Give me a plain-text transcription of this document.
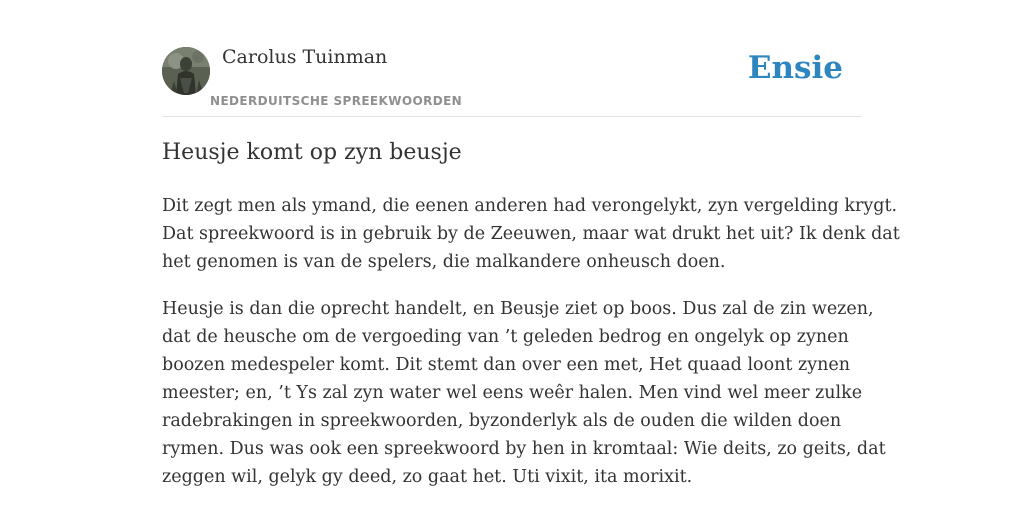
Carolus Tuinman
NEDERDUITSCHE SPREEKWOORDEN
Ensie
Heusje komt op zyn beusje

Dit zegt men als ymand, die eenen anderen had verongelykt, zyn vergelding krygt.
Dat spreekwoord is in gebruik by de Zeeuwen, maar wat drukt het uit? Ik denk dat
het genomen is van de spelers, die malkandere onheusch doen.

Heusje is dan die oprecht handelt, en Beusje ziet op boos. Dus zal de zin wezen,
dat de heusche om de vergoeding van ’t geleden bedrog en ongelyk op zynen
boozen medespeler komt. Dit stemt dan over een met, Het quaad loont zynen
meester; en, ’t Ys zal zyn water wel eens weêr halen. Men vind wel meer zulke
radebrakingen in spreekwoorden, byzonderlyk als de ouden die wilden doen
rymen. Dus was ook een spreekwoord by hen in kromtaal: Wie deits, zo geits, dat
zeggen wil, gelyk gy deed, zo gaat het. Uti vixit, ita morixit.
